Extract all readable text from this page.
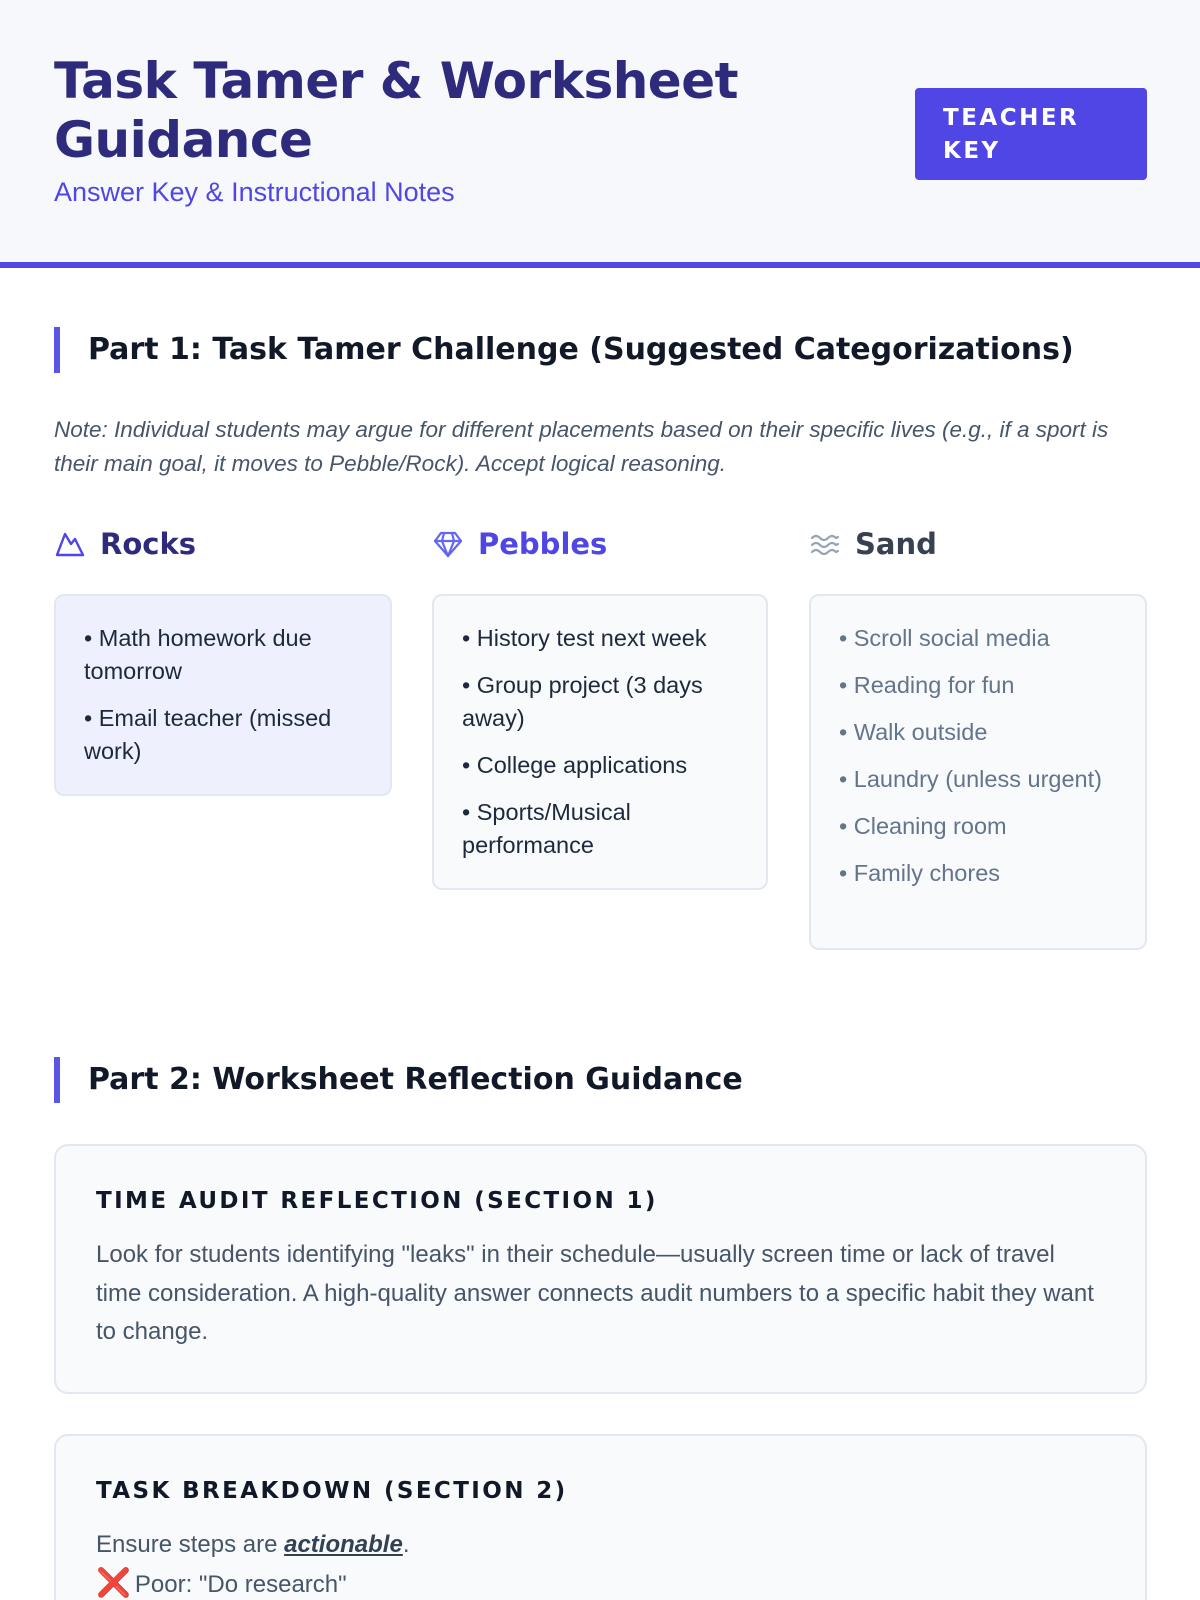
Task Tamer & Worksheet Guidance
Answer Key & Instructional Notes
TEACHER KEY
Part 1: Task Tamer Challenge (Suggested Categorizations)
Note: Individual students may argue for different placements based on their specific lives (e.g., if a sport is their main goal, it moves to Pebble/Rock). Accept logical reasoning.
Rocks	Pebbles	Sand
• Math homework due tomorrow
• Email teacher (missed work)
• History test next week
• Group project (3 days away)
• College applications
• Sports/Musical performance
• Scroll social media
• Reading for fun
• Walk outside
• Laundry (unless urgent)
• Cleaning room
• Family chores
Part 2: Worksheet Reflection Guidance
TIME AUDIT REFLECTION (SECTION 1)
Look for students identifying "leaks" in their schedule—usually screen time or lack of travel time consideration. A high-quality answer connects audit numbers to a specific habit they want to change.
TASK BREAKDOWN (SECTION 2)
Ensure steps are actionable.
❌ Poor: "Do research"
